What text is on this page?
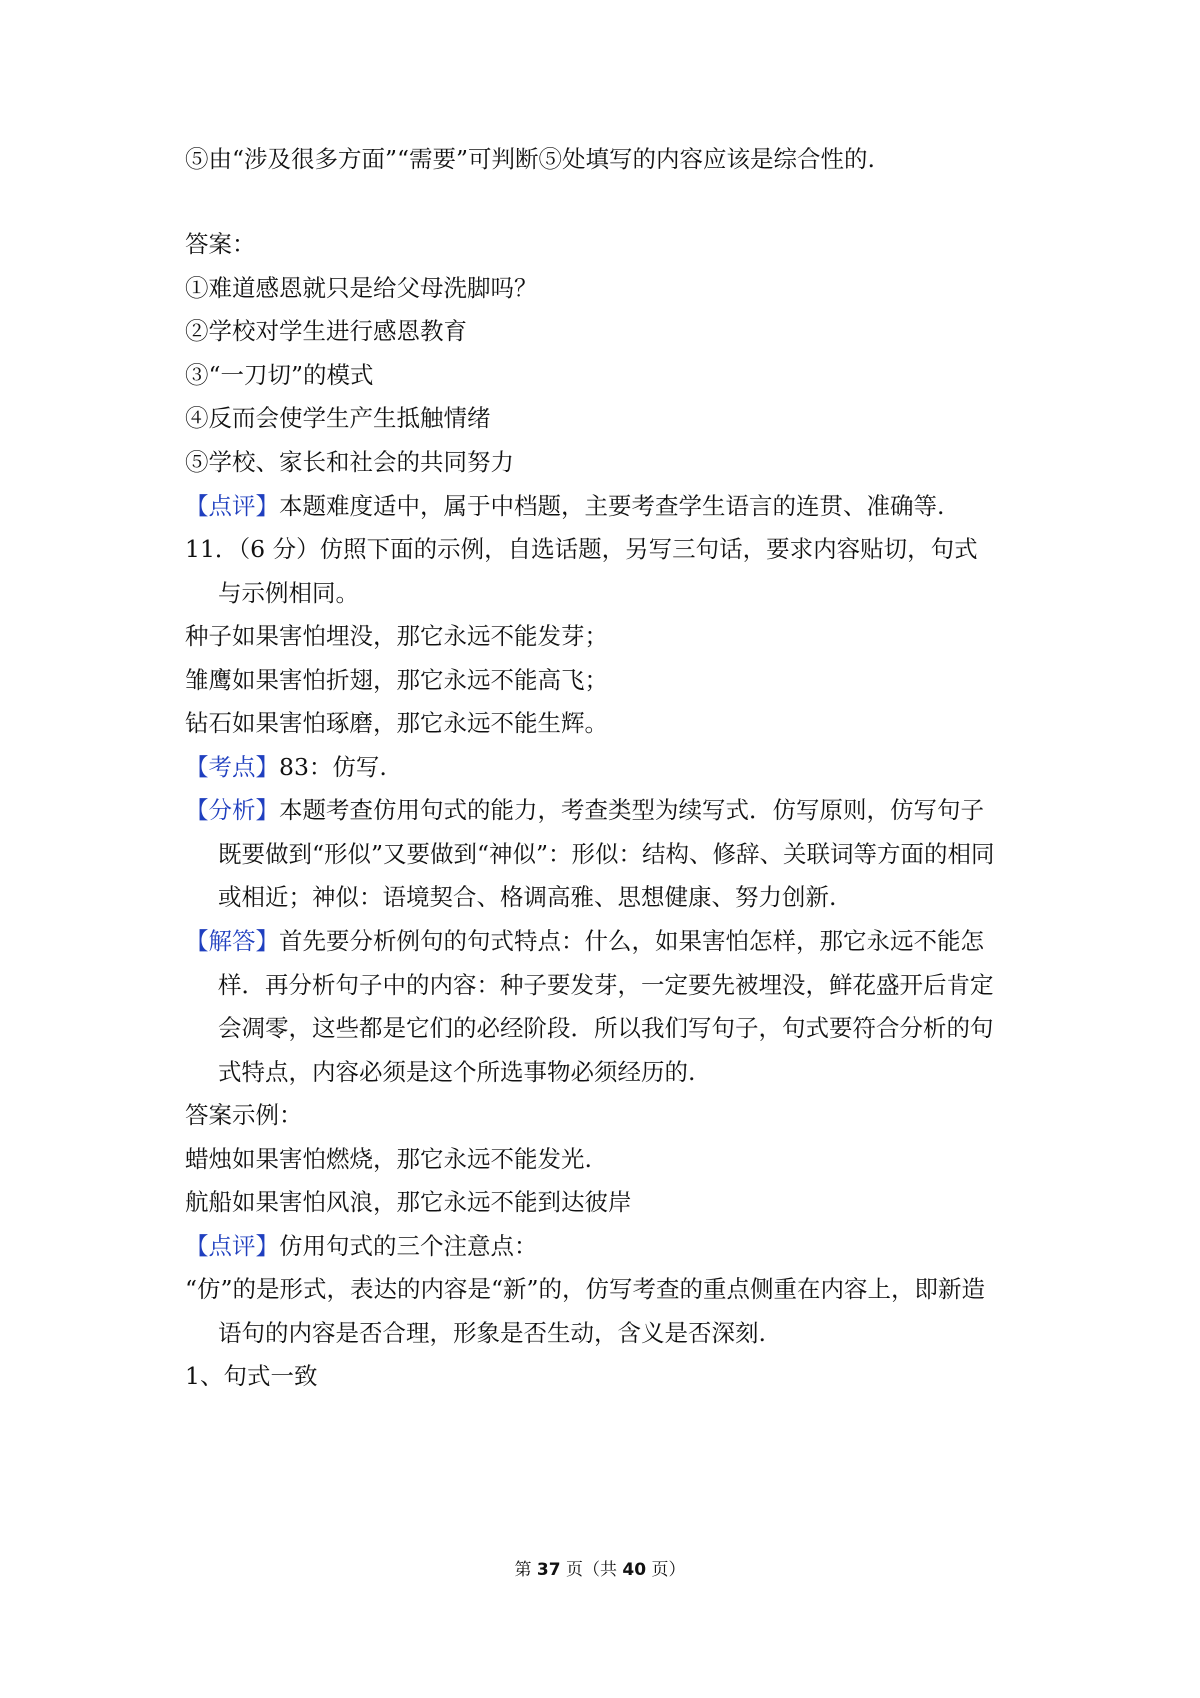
⑤由“涉及很多方面”“需要”可判断⑤处填写的内容应该是综合性的.
答案：
①难道感恩就只是给父母洗脚吗？
②学校对学生进行感恩教育
③“一刀切”的模式
④反而会使学生产生抵触情绪
⑤学校、家长和社会的共同努力
【点评】本题难度适中，属于中档题，主要考查学生语言的连贯、准确等.
11．（6 分）仿照下面的示例，自选话题，另写三句话，要求内容贴切，句式
与示例相同。
种子如果害怕埋没，那它永远不能发芽；
雏鹰如果害怕折翅，那它永远不能高飞；
钻石如果害怕琢磨，那它永远不能生辉。
【考点】83：仿写.
【分析】本题考查仿用句式的能力，考查类型为续写式．仿写原则，仿写句子
既要做到“形似”又要做到“神似”：形似：结构、修辞、关联词等方面的相同
或相近；神似：语境契合、格调高雅、思想健康、努力创新.
【解答】首先要分析例句的句式特点：什么，如果害怕怎样，那它永远不能怎
样．再分析句子中的内容：种子要发芽，一定要先被埋没，鲜花盛开后肯定
会凋零，这些都是它们的必经阶段．所以我们写句子，句式要符合分析的句
式特点，内容必须是这个所选事物必须经历的.
答案示例：
蜡烛如果害怕燃烧，那它永远不能发光.
航船如果害怕风浪，那它永远不能到达彼岸
【点评】仿用句式的三个注意点：
“仿”的是形式，表达的内容是“新”的，仿写考查的重点侧重在内容上，即新造
语句的内容是否合理，形象是否生动，含义是否深刻.
1、句式一致
第 37 页（共 40 页）
